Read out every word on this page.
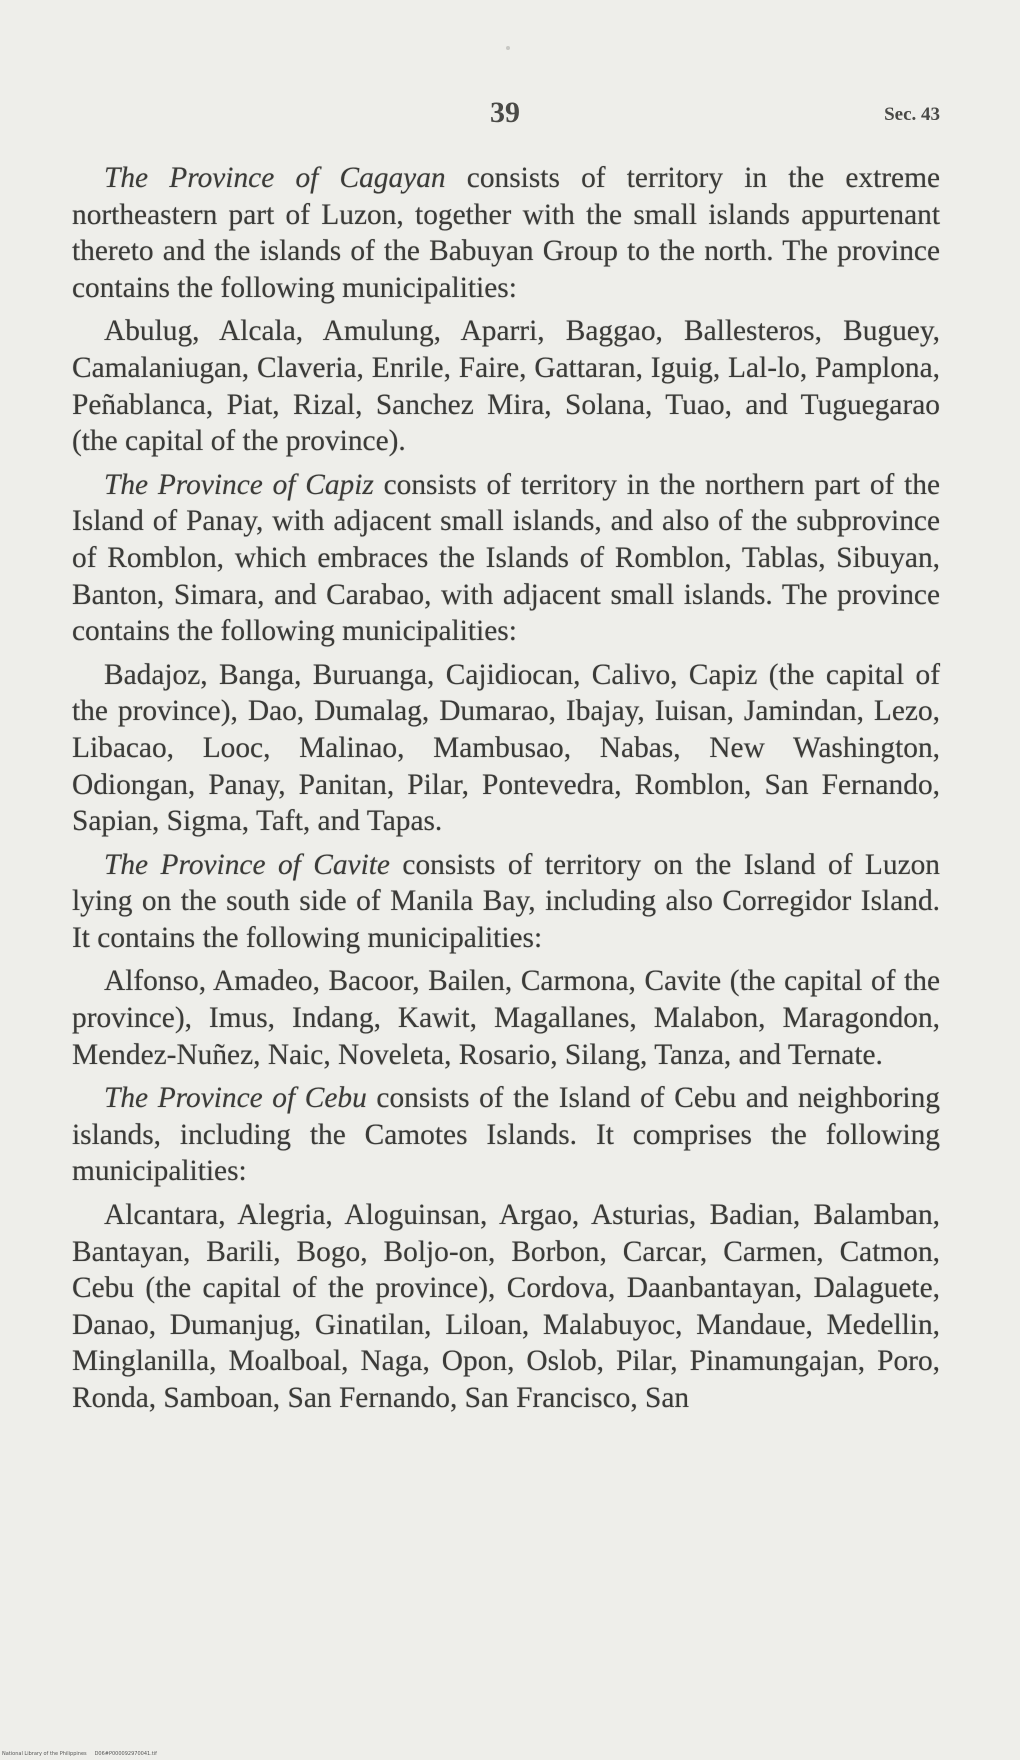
39	Sec. 43

The Province of Cagayan consists of territory in the extreme northeastern part of Luzon, together with the small islands appurtenant thereto and the islands of the Babuyan Group to the north. The province contains the following municipalities:

Abulug, Alcala, Amulung, Aparri, Baggao, Ballesteros, Buguey, Camalaniugan, Claveria, Enrile, Faire, Gattaran, Iguig, Lal-lo, Pamplona, Peñablanca, Piat, Rizal, Sanchez Mira, Solana, Tuao, and Tuguegarao (the capital of the province).

The Province of Capiz consists of territory in the northern part of the Island of Panay, with adjacent small islands, and also of the subprovince of Romblon, which embraces the Islands of Romblon, Tablas, Sibuyan, Banton, Simara, and Carabao, with adjacent small islands. The province contains the following municipalities:

Badajoz, Banga, Buruanga, Cajidiocan, Calivo, Capiz (the capital of the province), Dao, Dumalag, Dumarao, Ibajay, Iuisan, Jamindan, Lezo, Libacao, Looc, Malinao, Mambusao, Nabas, New Washington, Odiongan, Panay, Panitan, Pilar, Pontevedra, Romblon, San Fernando, Sapian, Sigma, Taft, and Tapas.

The Province of Cavite consists of territory on the Island of Luzon lying on the south side of Manila Bay, including also Corregidor Island. It contains the following municipalities:

Alfonso, Amadeo, Bacoor, Bailen, Carmona, Cavite (the capital of the province), Imus, Indang, Kawit, Magallanes, Malabon, Maragondon, Mendez-Nuñez, Naic, Noveleta, Rosario, Silang, Tanza, and Ternate.

The Province of Cebu consists of the Island of Cebu and neighboring islands, including the Camotes Islands. It comprises the following municipalities:

Alcantara, Alegria, Aloguinsan, Argao, Asturias, Badian, Balamban, Bantayan, Barili, Bogo, Boljo-on, Borbon, Carcar, Carmen, Catmon, Cebu (the capital of the province), Cordova, Daanbantayan, Dalaguete, Danao, Dumanjug, Ginatilan, Liloan, Malabuyoc, Mandaue, Medellin, Minglanilla, Moalboal, Naga, Opon, Oslob, Pilar, Pinamungajan, Poro, Ronda, Samboan, San Fernando, San Francisco, San

National Library of the Philippines     D06#P000092970041.tif
